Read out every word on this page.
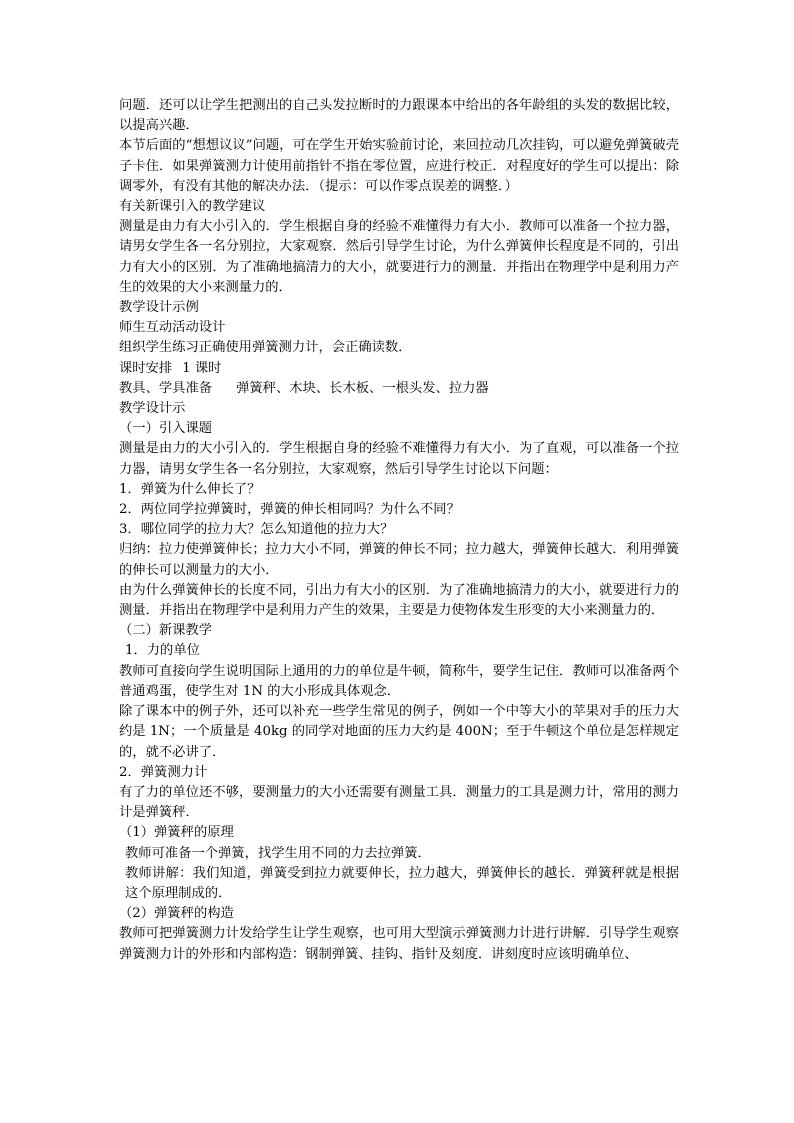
问题．还可以让学生把测出的自己头发拉断时的力跟课本中给出的各年龄组的头发的数据比较，以提高兴趣．

本节后面的“想想议议”问题，可在学生开始实验前讨论，来回拉动几次挂钩，可以避免弹簧破壳子卡住．如果弹簧测力计使用前指针不指在零位置，应进行校正．对程度好的学生可以提出：除调零外，有没有其他的解决办法．（提示：可以作零点误差的调整．）

有关新课引入的教学建议

测量是由力有大小引入的．学生根据自身的经验不难懂得力有大小．教师可以准备一个拉力器，请男女学生各一名分别拉，大家观察．然后引导学生讨论，为什么弹簧伸长程度是不同的，引出力有大小的区别．为了准确地搞清力的大小，就要进行力的测量．并指出在物理学中是利用力产生的效果的大小来测量力的．

教学设计示例

师生互动活动设计

组织学生练习正确使用弹簧测力计，会正确读数．

课时安排 1 课时

教具、学具准备 弹簧秤、木块、长木板、一根头发、拉力器

教学设计示

（一）引入课题

测量是由力的大小引入的．学生根据自身的经验不难懂得力有大小．为了直观，可以准备一个拉力器，请男女学生各一名分别拉，大家观察，然后引导学生讨论以下问题：

1．弹簧为什么伸长了？

2．两位同学拉弹簧时，弹簧的伸长相同吗？为什么不同？

3．哪位同学的拉力大？怎么知道他的拉力大？

归纳：拉力使弹簧伸长；拉力大小不同，弹簧的伸长不同；拉力越大，弹簧伸长越大．利用弹簧的伸长可以测量力的大小．

由为什么弹簧伸长的长度不同，引出力有大小的区别．为了准确地搞清力的大小，就要进行力的测量．并指出在物理学中是利用力产生的效果，主要是力使物体发生形变的大小来测量力的．

（二）新课教学

1．力的单位

教师可直接向学生说明国际上通用的力的单位是牛顿，简称牛，要学生记住．教师可以准备两个普通鸡蛋，使学生对 1N 的大小形成具体观念．

除了课本中的例子外，还可以补充一些学生常见的例子，例如一个中等大小的苹果对手的压力大约是 1N；一个质量是 40kg 的同学对地面的压力大约是 400N；至于牛顿这个单位是怎样规定的，就不必讲了．

2．弹簧测力计

有了力的单位还不够，要测量力的大小还需要有测量工具．测量力的工具是测力计，常用的测力计是弹簧秤．

（1）弹簧秤的原理

教师可准备一个弹簧，找学生用不同的力去拉弹簧．

教师讲解：我们知道，弹簧受到拉力就要伸长，拉力越大，弹簧伸长的越长．弹簧秤就是根据这个原理制成的．

（2）弹簧秤的构造

教师可把弹簧测力计发给学生让学生观察，也可用大型演示弹簧测力计进行讲解．引导学生观察弹簧测力计的外形和内部构造：钢制弹簧、挂钩、指针及刻度．讲刻度时应该明确单位、
